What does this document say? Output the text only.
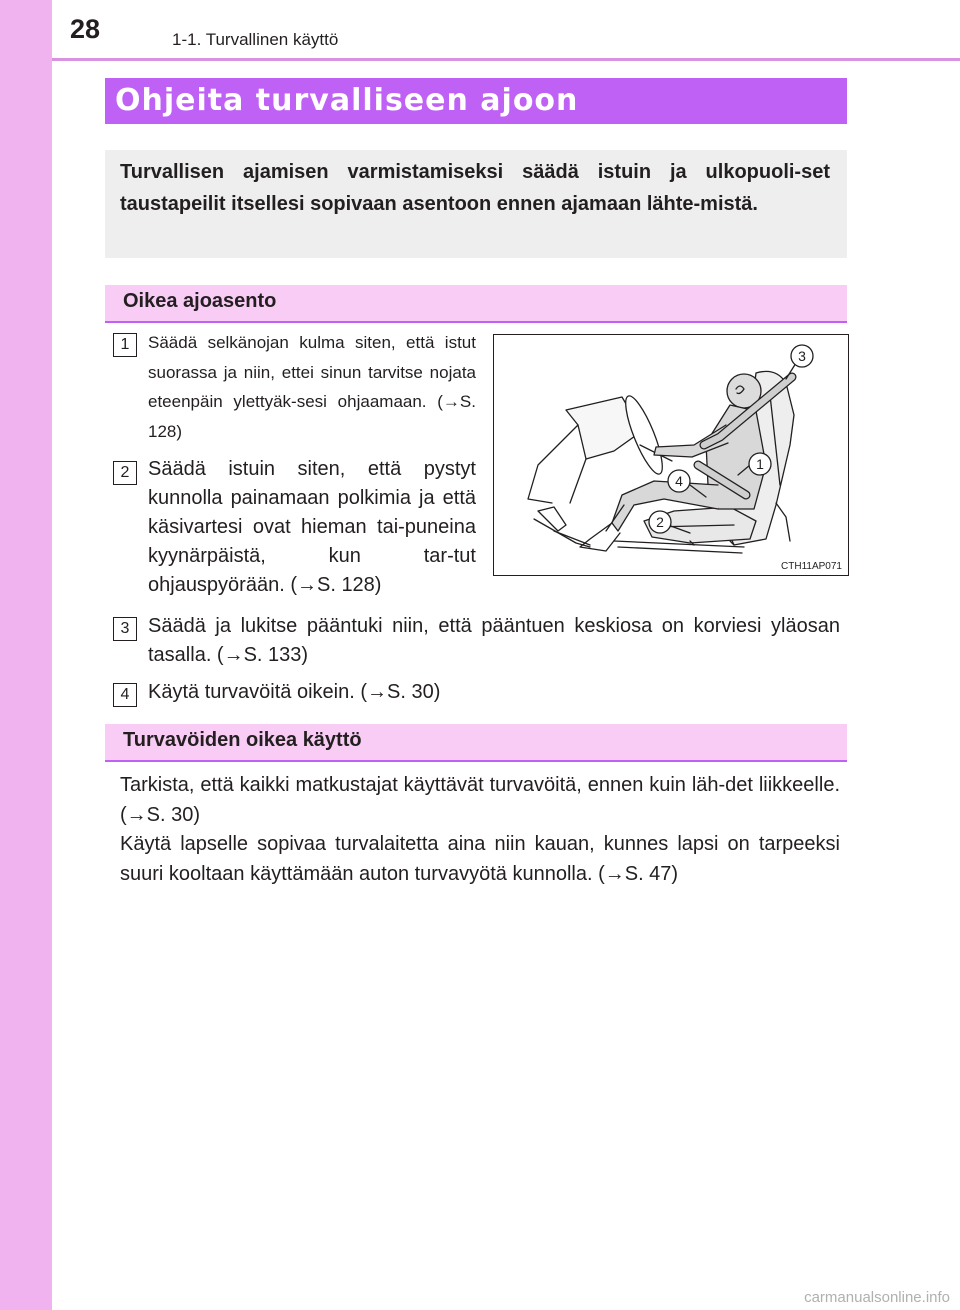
28	1-1. Turvallinen käyttö
Ohjeita turvalliseen ajoon
Turvallisen ajamisen varmistamiseksi säädä istuin ja ulkopuoli-set taustapeilit itsellesi sopivaan asentoon ennen ajamaan lähte-mistä.
Oikea ajoasento
1	Säädä selkänojan kulma siten, että istut suorassa ja niin, ettei sinun tarvitse nojata eteenpäin ylettyäk-sesi ohjaamaan. (→S. 128)
2 Säädä istuin siten, että pystyt kunnolla painamaan polkimia ja että käsivartesi ovat hieman tai-puneina kyynärpäistä, kun tar-tut ohjauspyörään. (→S. 128)
3 Säädä ja lukitse pääntuki niin, että pääntuen keskiosa on korviesi yläosan tasalla. (→S. 133)
4 Käytä turvavöitä oikein. (→S. 30)
3
1
4
2
CTH11AP071
Turvavöiden oikea käyttö

Tarkista, että kaikki matkustajat käyttävät turvavöitä, ennen kuin läh-det liikkeelle. (→S. 30)

Käytä lapselle sopivaa turvalaitetta aina niin kauan, kunnes lapsi on tarpeeksi suuri kooltaan käyttämään auton turvavyötä kunnolla. (→S. 47)

carmanualsonline.info
